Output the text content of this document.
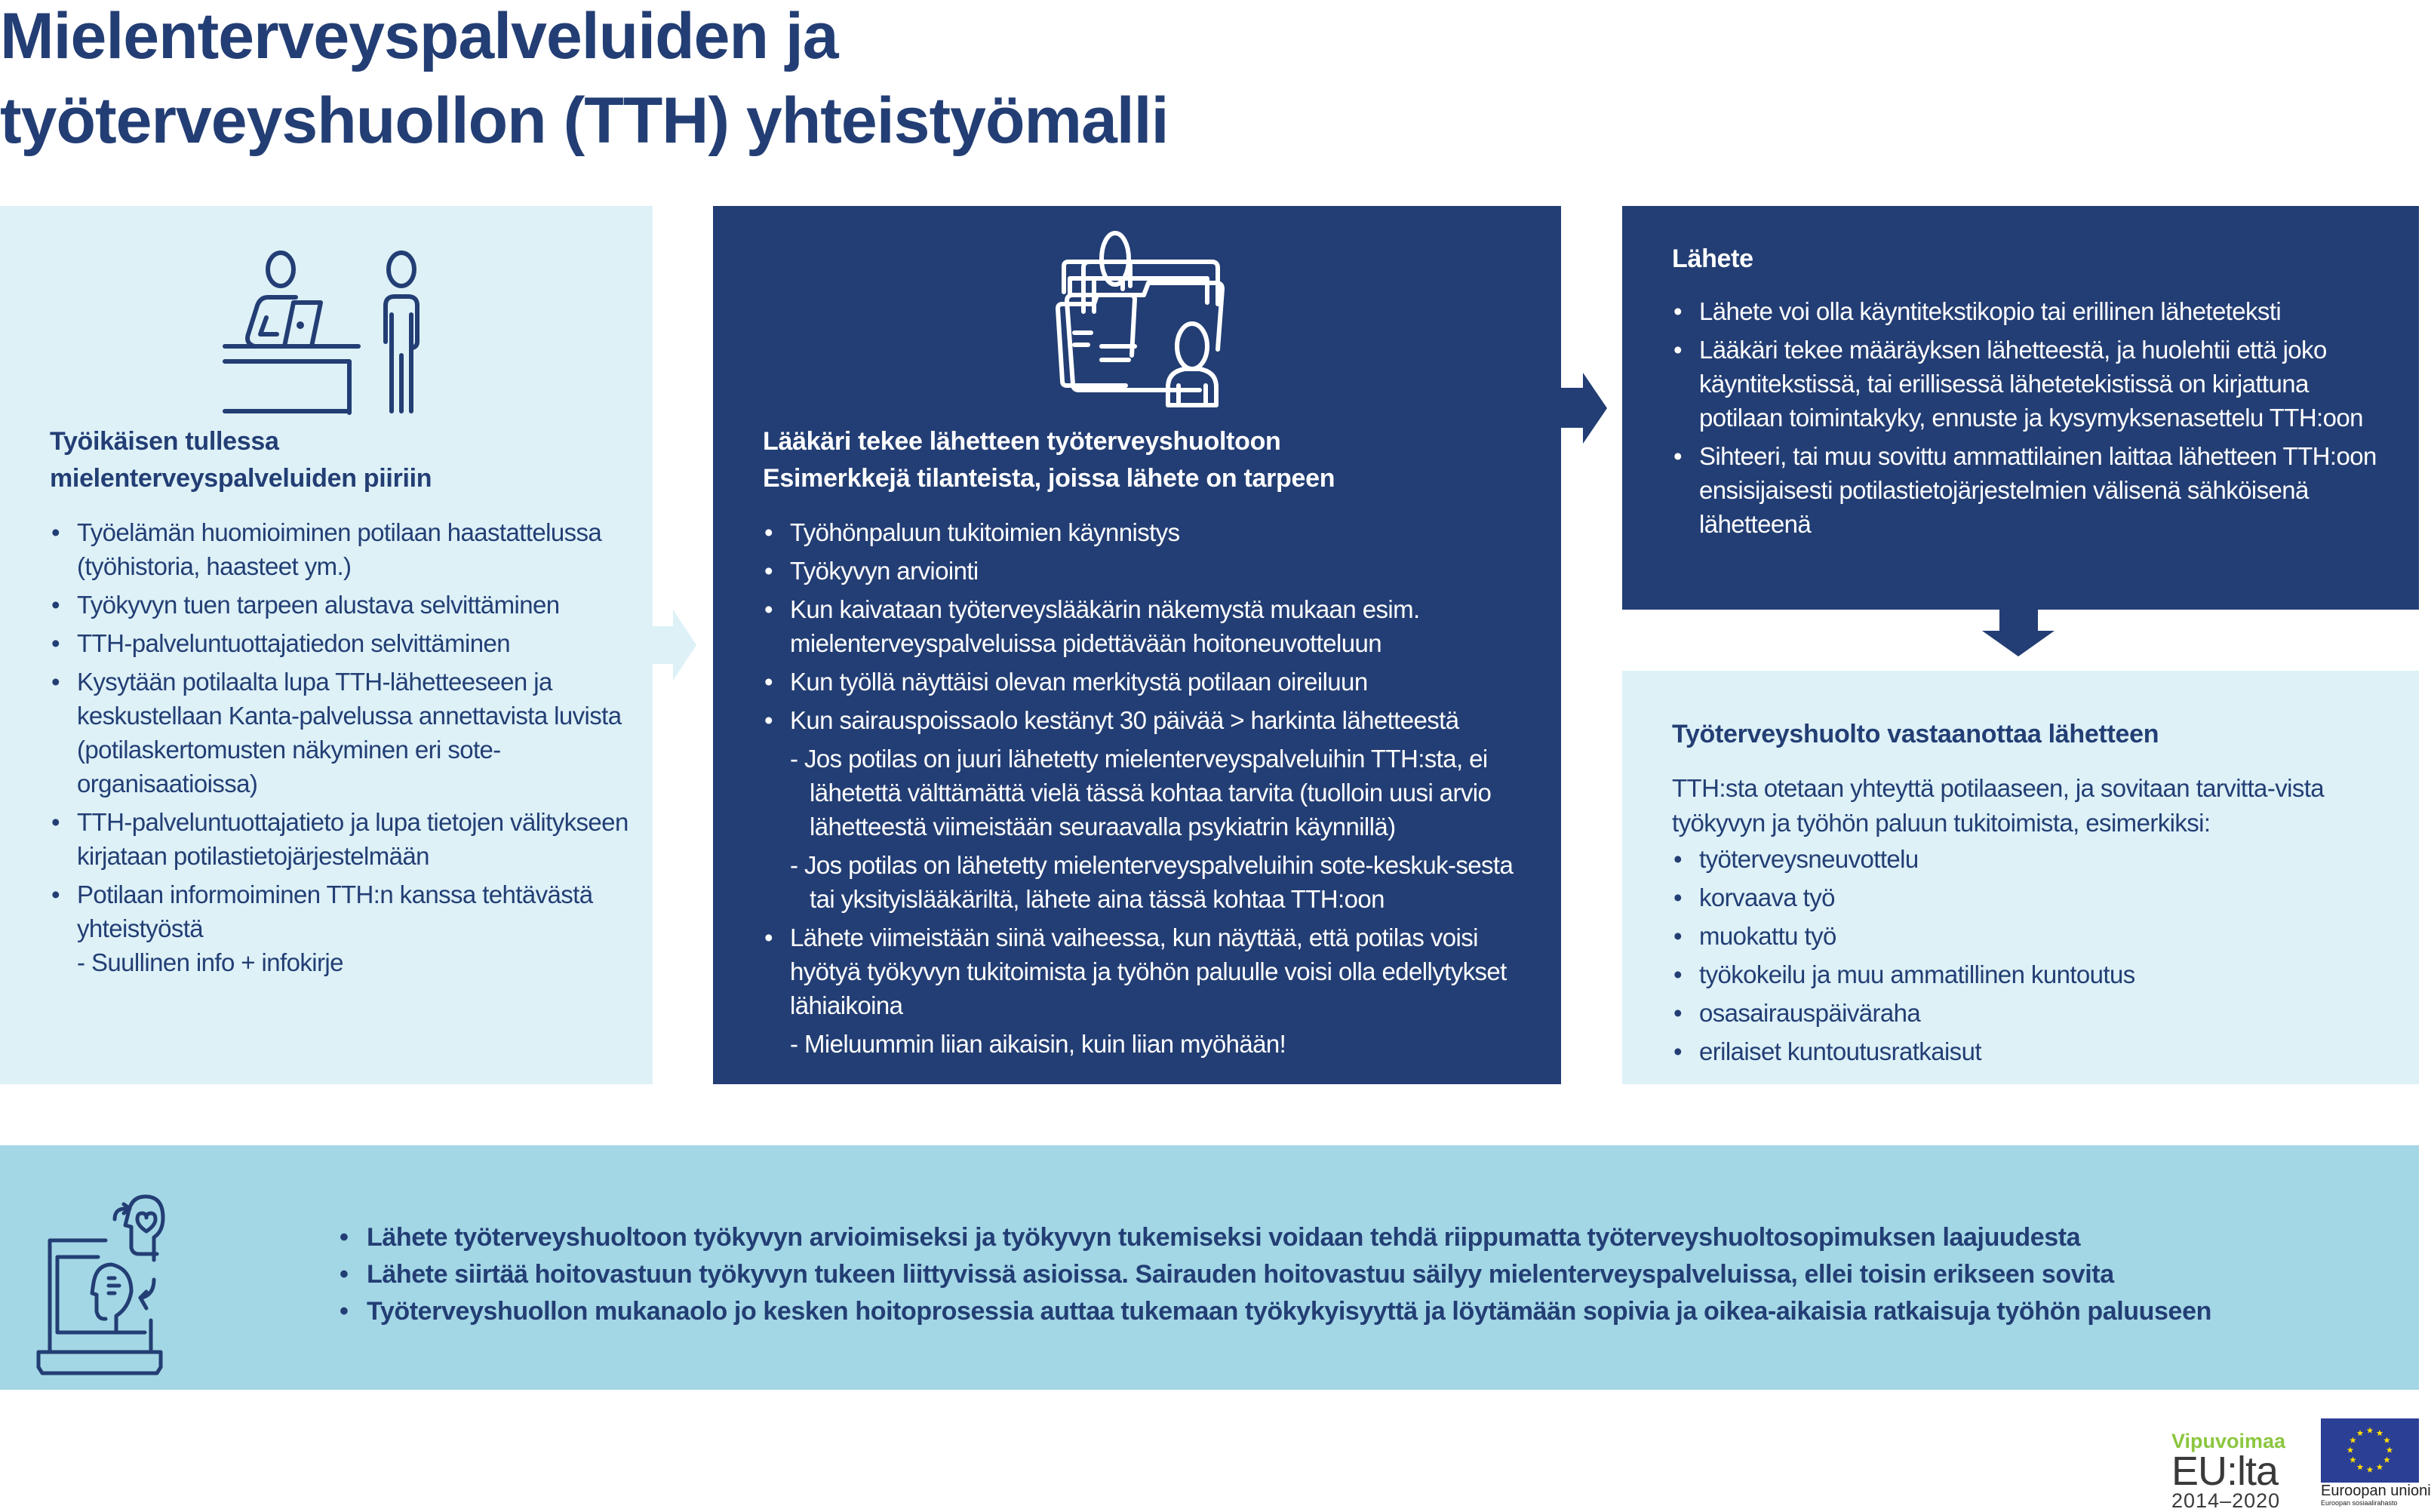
Mielenterveyspalveluiden ja
työterveyshuollon (TTH) yhteistyömalli
Työikäisen tullessa
mielenterveyspalveluiden piiriin
• Työelämän huomioiminen potilaan haastattelussa (työhistoria, haasteet ym.)
• Työkyvyn tuen tarpeen alustava selvittäminen
• TTH-palveluntuottajatiedon selvittäminen
• Kysytään potilaalta lupa TTH-lähetteeseen ja keskustellaan Kanta-palvelussa annettavista luvista (potilaskertomusten näkyminen eri sote-organisaatioissa)
• TTH-palveluntuottajatieto ja lupa tietojen välitykseen kirjataan potilastietojärjestelmään
• Potilaan informoiminen TTH:n kanssa tehtävästä yhteistyöstä
- Suullinen info + infokirje
Lääkäri tekee lähetteen työterveyshuoltoon
Esimerkkejä tilanteista, joissa lähete on tarpeen
• Työhönpaluun tukitoimien käynnistys
• Työkyvyn arviointi
• Kun kaivataan työterveyslääkärin näkemystä mukaan esim. mielenterveyspalveluissa pidettävään hoitoneuvotteluun
• Kun työllä näyttäisi olevan merkitystä potilaan oireiluun
• Kun sairauspoissaolo kestänyt 30 päivää > harkinta lähetteestä
- Jos potilas on juuri lähetetty mielenterveyspalveluihin TTH:sta, ei lähetettä välttämättä vielä tässä kohtaa tarvita (tuolloin uusi arvio lähetteestä viimeistään seuraavalla psykiatrin käynnillä)
- Jos potilas on lähetetty mielenterveyspalveluihin sote-keskuk-sesta tai yksityislääkäriltä, lähete aina tässä kohtaa TTH:oon
• Lähete viimeistään siinä vaiheessa, kun näyttää, että potilas voisi hyötyä työkyvyn tukitoimista ja työhön paluulle voisi olla edellytykset lähiaikoina
- Mieluummin liian aikaisin, kuin liian myöhään!
Lähete
• Lähete voi olla käyntitekstikopio tai erillinen läheteteksti
• Lääkäri tekee määräyksen lähetteestä, ja huolehtii että joko käyntitekstissä, tai erillisessä lähetetekistissä on kirjattuna potilaan toimintakyky, ennuste ja kysymyksenasettelu TTH:oon
• Sihteeri, tai muu sovittu ammattilainen laittaa lähetteen TTH:oon ensisijaisesti potilastietojärjestelmien välisenä sähköisenä lähetteenä
Työterveyshuolto vastaanottaa lähetteen

TTH:sta otetaan yhteyttä potilaaseen, ja sovitaan tarvitta-vista työkyvyn ja työhön paluun tukitoimista, esimerkiksi:

• työterveysneuvottelu
• korvaava työ
• muokattu työ
• työkokeilu ja muu ammatillinen kuntoutus
• osasairauspäiväraha
• erilaiset kuntoutusratkaisut
• Lähete työterveyshuoltoon työkyvyn arvioimiseksi ja työkyvyn tukemiseksi voidaan tehdä riippumatta työterveyshuoltosopimuksen laajuudesta
• Lähete siirtää hoitovastuun työkyvyn tukeen liittyvissä asioissa. Sairauden hoitovastuu säilyy mielenterveyspalveluissa, ellei toisin erikseen sovita
• Työterveyshuollon mukanaolo jo kesken hoitoprosessia auttaa tukemaan työkykyisyyttä ja löytämään sopivia ja oikea-aikaisia ratkaisuja työhön paluuseen
Vipuvoimaa
EU:lta
2014–2020	Euroopan unioni
Euroopan sosiaalirahasto
